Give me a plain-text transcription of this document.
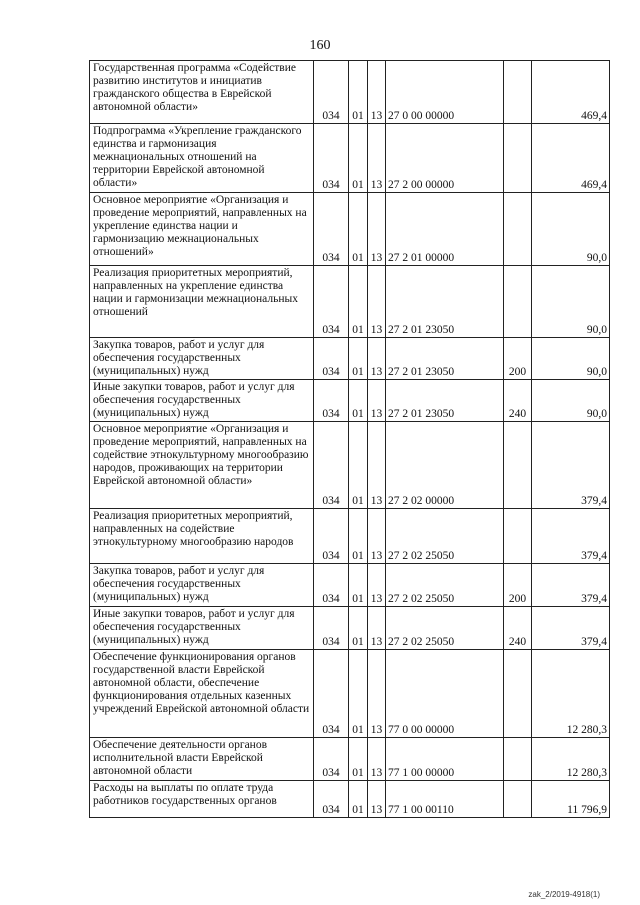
160
Государственная программа «Содействие развитию институтов и инициатив гражданского общества в Еврейской автономной области»	034	01	13	27 0 00 00000		469,4

Подпрограмма «Укрепление гражданского единства и гармонизация межнациональных отношений на территории Еврейской автономной области»	034	01	13	27 2 00 00000		469,4

Основное мероприятие «Организация и проведение мероприятий, направленных на укрепление единства нации и гармонизацию межнациональных отношений»	034	01	13	27 2 01 00000		90,0

Реализация приоритетных мероприятий, направленных на укрепление единства нации и гармонизации межнациональных отношений	034	01	13	27 2 01 23050		90,0

Закупка товаров, работ и услуг для обеспечения государственных (муниципальных) нужд	034	01	13	27 2 01 23050	200	90,0

Иные закупки товаров, работ и услуг для обеспечения государственных (муниципальных) нужд	034	01	13	27 2 01 23050	240	90,0

Основное мероприятие «Организация и проведение мероприятий, направленных на содействие этнокультурному многообразию народов, проживающих на территории Еврейской автономной области»	034	01	13	27 2 02 00000		379,4

Реализация приоритетных мероприятий, направленных на содействие этнокультурному многообразию народов	034	01	13	27 2 02 25050		379,4

Закупка товаров, работ и услуг для обеспечения государственных (муниципальных) нужд	034	01	13	27 2 02 25050	200	379,4

Иные закупки товаров, работ и услуг для обеспечения государственных (муниципальных) нужд	034	01	13	27 2 02 25050	240	379,4

Обеспечение функционирования органов государственной власти Еврейской автономной области, обеспечение функционирования отдельных казенных учреждений Еврейской автономной области	034	01	13	77 0 00 00000		12 280,3

Обеспечение деятельности органов исполнительной власти Еврейской автономной области	034	01	13	77 1 00 00000		12 280,3

Расходы на выплаты по оплате труда работников государственных органов	034	01	13	77 1 00 00110		11 796,9
zak_2/2019-4918(1)
